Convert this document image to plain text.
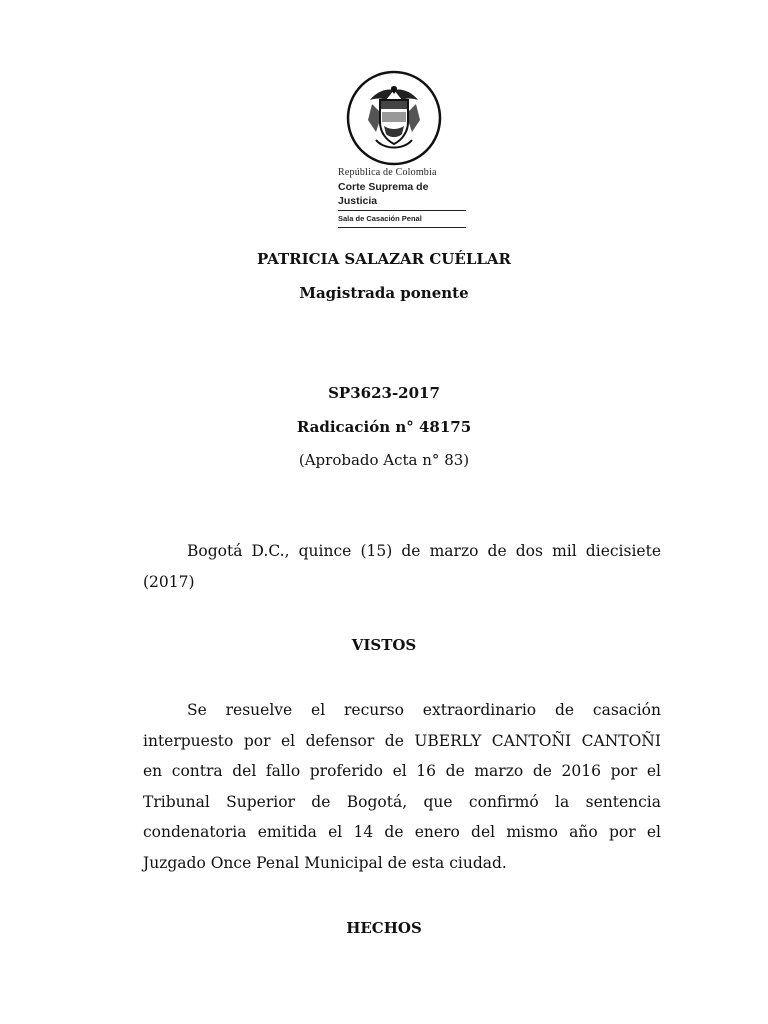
República de Colombia
Corte Suprema de Justicia
Sala de Casación Penal
PATRICIA SALAZAR CUÉLLAR
Magistrada ponente
SP3623-2017
Radicación n° 48175
(Aprobado Acta n° 83)
Bogotá D.C., quince (15) de marzo de dos mil diecisiete
(2017)
VISTOS
Se resuelve el recurso extraordinario de casación
interpuesto por el defensor de UBERLY CANTOÑI CANTOÑI
en contra del fallo proferido el 16 de marzo de 2016 por el
Tribunal Superior de Bogotá, que confirmó la sentencia
condenatoria emitida el 14 de enero del mismo año por el
Juzgado Once Penal Municipal de esta ciudad.
HECHOS
